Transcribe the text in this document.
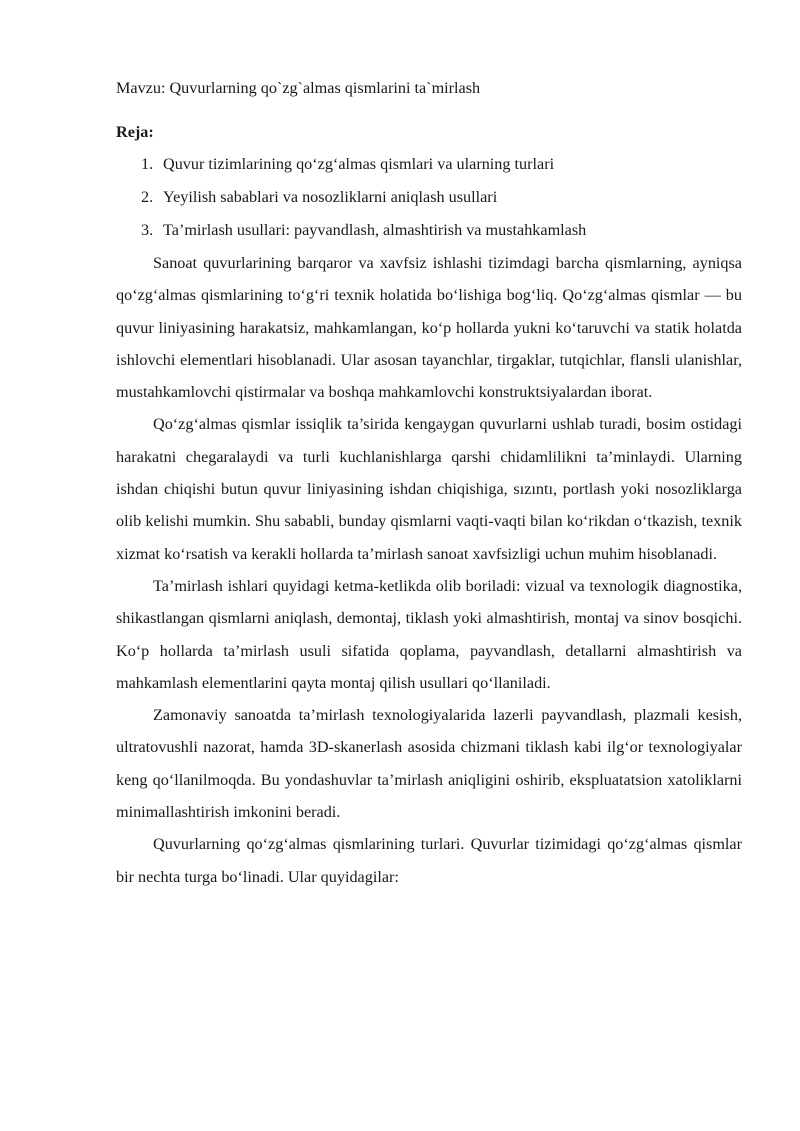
Mavzu: Quvurlarning qo`zg`almas qismlarini ta`mirlash

Reja:

1. Quvur tizimlarining qo‘zg‘almas qismlari va ularning turlari
2. Yeyilish sabablari va nosozliklarni aniqlash usullari
3. Ta’mirlash usullari: payvandlash, almashtirish va mustahkamlash

Sanoat quvurlarining barqaror va xavfsiz ishlashi tizimdagi barcha qismlarning, ayniqsa qo‘zg‘almas qismlarining to‘g‘ri texnik holatida bo‘lishiga bog‘liq. Qo‘zg‘almas qismlar — bu quvur liniyasining harakatsiz, mahkamlangan, ko‘p hollarda yukni ko‘taruvchi va statik holatda ishlovchi elementlari hisoblanadi. Ular asosan tayanchlar, tirgaklar, tutqichlar, flansli ulanishlar, mustahkamlovchi qistirmalar va boshqa mahkamlovchi konstruktsiyalardan iborat.

Qo‘zg‘almas qismlar issiqlik ta’sirida kengaygan quvurlarni ushlab turadi, bosim ostidagi harakatni chegaralaydi va turli kuchlanishlarga qarshi chidamlilikni ta’minlaydi. Ularning ishdan chiqishi butun quvur liniyasining ishdan chiqishiga, sızıntı, portlash yoki nosozliklarga olib kelishi mumkin. Shu sababli, bunday qismlarni vaqti-vaqti bilan ko‘rikdan o‘tkazish, texnik xizmat ko‘rsatish va kerakli hollarda ta’mirlash sanoat xavfsizligi uchun muhim hisoblanadi.

Ta’mirlash ishlari quyidagi ketma-ketlikda olib boriladi: vizual va texnologik diagnostika, shikastlangan qismlarni aniqlash, demontaj, tiklash yoki almashtirish, montaj va sinov bosqichi. Ko‘p hollarda ta’mirlash usuli sifatida qoplama, payvandlash, detallarni almashtirish va mahkamlash elementlarini qayta montaj qilish usullari qo‘llaniladi.

Zamonaviy sanoatda ta’mirlash texnologiyalarida lazerli payvandlash, plazmali kesish, ultratovushli nazorat, hamda 3D-skanerlash asosida chizmani tiklash kabi ilg‘or texnologiyalar keng qo‘llanilmoqda. Bu yondashuvlar ta’mirlash aniqligini oshirib, ekspluatatsion xatoliklarni minimallashtirish imkonini beradi.

Quvurlarning qo‘zg‘almas qismlarining turlari. Quvurlar tizimidagi qo‘zg‘almas qismlar bir nechta turga bo‘linadi. Ular quyidagilar:
